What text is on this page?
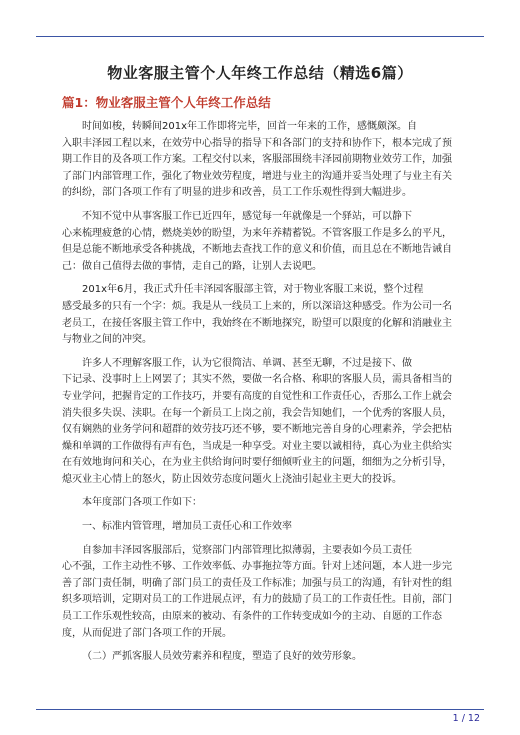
物业客服主管个人年终工作总结（精选6篇）
篇1：物业客服主管个人年终工作总结
时间如梭，转瞬间201x年工作即将完毕，回首一年来的工作，感慨颇深。自
入职丰泽园工程以来，在效劳中心指导的指导下和各部门的支持和协作下，根本完成了预期工作目的及各项工作方案。工程交付以来，客服部围绕丰泽园前期物业效劳工作，加强了部门内部管理工作，强化了物业效劳程度，增进与业主的沟通并妥当处理了与业主有关的纠纷，部门各项工作有了明显的进步和改善，员工工作乐观性得到大幅进步。
不知不觉中从事客服工作已近四年，感觉每一年就像是一个驿站，可以静下
心来梳理疲惫的心情，燃烧美妙的盼望，为来年养精蓄锐。不管客服工作是多么的平凡，但是总能不断地承受各种挑战，不断地去查找工作的意义和价值，而且总在不断地告诫自己：做自己值得去做的事情，走自己的路，让别人去说吧。
201x年6月，我正式升任丰泽园客服部主管，对于物业客服工来说，整个过程
感受最多的只有一个字：烦。我是从一线员工上来的，所以深谙这种感受。作为公司一名老员工，在接任客服主管工作中，我始终在不断地探究，盼望可以限度的化解和消融业主与物业之间的冲突。
许多人不理解客服工作，认为它很简洁、单调、甚至无聊，不过是接下、做
下记录、没事时上上网罢了；其实不然，要做一名合格、称职的客服人员，需具备相当的专业学问，把握肯定的工作技巧，并要有高度的自觉性和工作责任心，否那么工作上就会消失很多失误、渎职。在每一个新员工上岗之前，我会告知她们，一个优秀的客服人员，仅有娴熟的业务学问和超群的效劳技巧还不够，要不断地完善自身的心理素养，学会把枯燥和单调的工作做得有声有色，当成是一种享受。对业主要以诚相待，真心为业主供给实在有效地询问和关心，在为业主供给询问时要仔细倾听业主的问题，细细为之分析引导，熄灭业主心情上的怒火，防止因效劳态度问题火上浇油引起业主更大的投诉。
本年度部门各项工作如下：
一、标准内管管理，增加员工责任心和工作效率
自参加丰泽园客服部后，觉察部门内部管理比拟薄弱，主要表如今员工责任
心不强，工作主动性不够、工作效率低、办事拖拉等方面。针对上述问题，本人进一步完善了部门责任制，明确了部门员工的责任及工作标准；加强与员工的沟通，有针对性的组织多项培训，定期对员工的工作进展点评，有力的鼓励了员工的工作责任性。目前，部门员工工作乐观性较高，由原来的被动、有条件的工作转变成如今的主动、自愿的工作态度，从而促进了部门各项工作的开展。
（二）严抓客服人员效劳素养和程度，塑造了良好的效劳形象。
1 / 12
